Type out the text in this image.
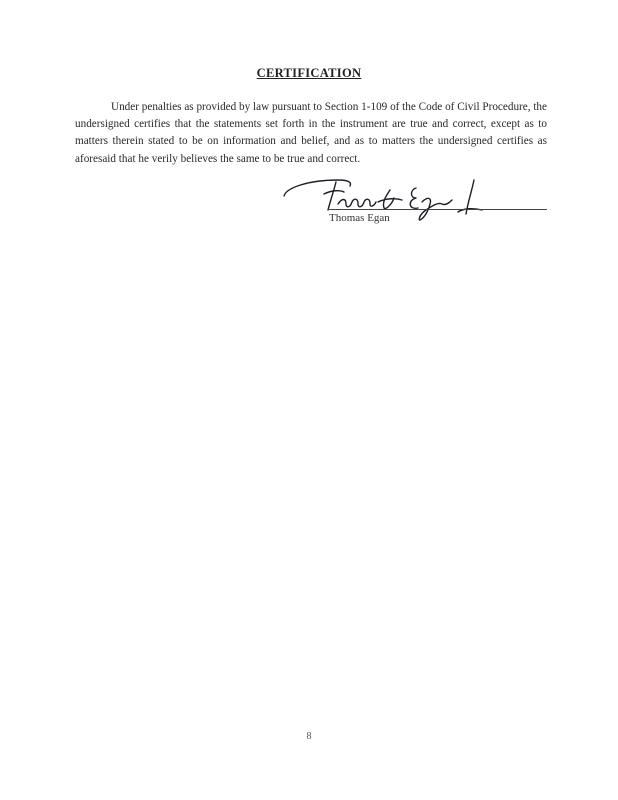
CERTIFICATION
Under penalties as provided by law pursuant to Section 1-109 of the Code of Civil Procedure, the undersigned certifies that the statements set forth in the instrument are true and correct, except as to matters therein stated to be on information and belief, and as to matters the undersigned certifies as aforesaid that he verily believes the same to be true and correct.
Thomas Egan
8
